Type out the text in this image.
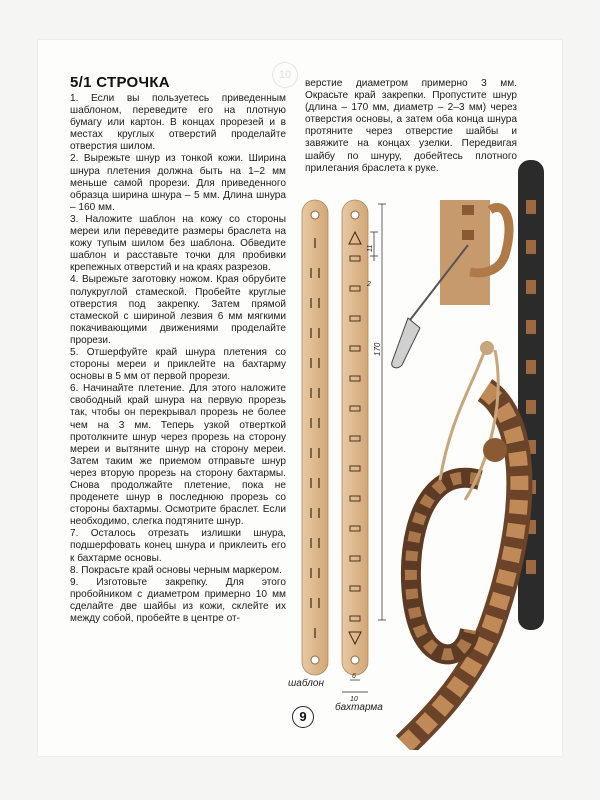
10
5/1 СТРОЧКА

1. Если вы пользуетесь приведенным шаблоном, переведите его на плотную бумагу или картон. В концах прорезей и в местах круглых отверстий проделайте отверстия шилом.

2. Вырежьте шнур из тонкой кожи. Ширина шнура плетения должна быть на 1–2 мм меньше самой прорези. Для приведенного образца ширина шнура – 5 мм. Длина шнура – 160 мм.

3. Наложите шаблон на кожу со стороны мереи или переведите размеры браслета на кожу тупым шилом без шаблона. Обведите шаблон и расставьте точки для пробивки крепежных отверстий и на краях разрезов.

4. Вырежьте заготовку ножом. Края обрубите полукруглой стамеской. Пробейте круглые отверстия под закрепку. Затем прямой стамеской с шириной лезвия 6 мм мягкими покачивающими движениями проделайте прорези.

5. Отшерфуйте край шнура плетения со стороны мереи и приклейте на бахтармy основы в 5 мм от первой прорези.

6. Начинайте плетение. Для этого наложите свободный край шнура на первую прорезь так, чтобы он перекрывал прорезь не более чем на 3 мм. Теперь узкой отверткой протолкните шнур через прорезь на сторону мереи и вытяните шнур на сторону мереи. Затем таким же приемом отправьте шнур через вторую прорезь на сторону бахтармы. Снова продолжайте плетение, пока не проденете шнур в последнюю прорезь со стороны бахтармы. Осмотрите браслет. Если необходимо, слегка подтяните шнур.

7. Осталось отрезать излишки шнура, подшерфовать конец шнура и приклеить его к бахтарме основы.

8. Покрасьте край основы черным маркером.

9. Изготовьте закрепку. Для этого пробойником с диаметром примерно 10 мм сделайте две шайбы из кожи, склейте их между собой, пробейте в центре от-

верстие диаметром примерно 3 мм. Окрасьте край закрепки. Пропустите шнур (длина – 170 мм, диаметр – 2–3 мм) через отверстия основы, а затем оба конца шнура протяните через отверстие шайбы и завяжите на концах узелки. Передвигая шайбу по шнуру, добейтесь плотного прилегания браслета к руке.

11
2
170
6
10
шаблон
бахтарма
9
